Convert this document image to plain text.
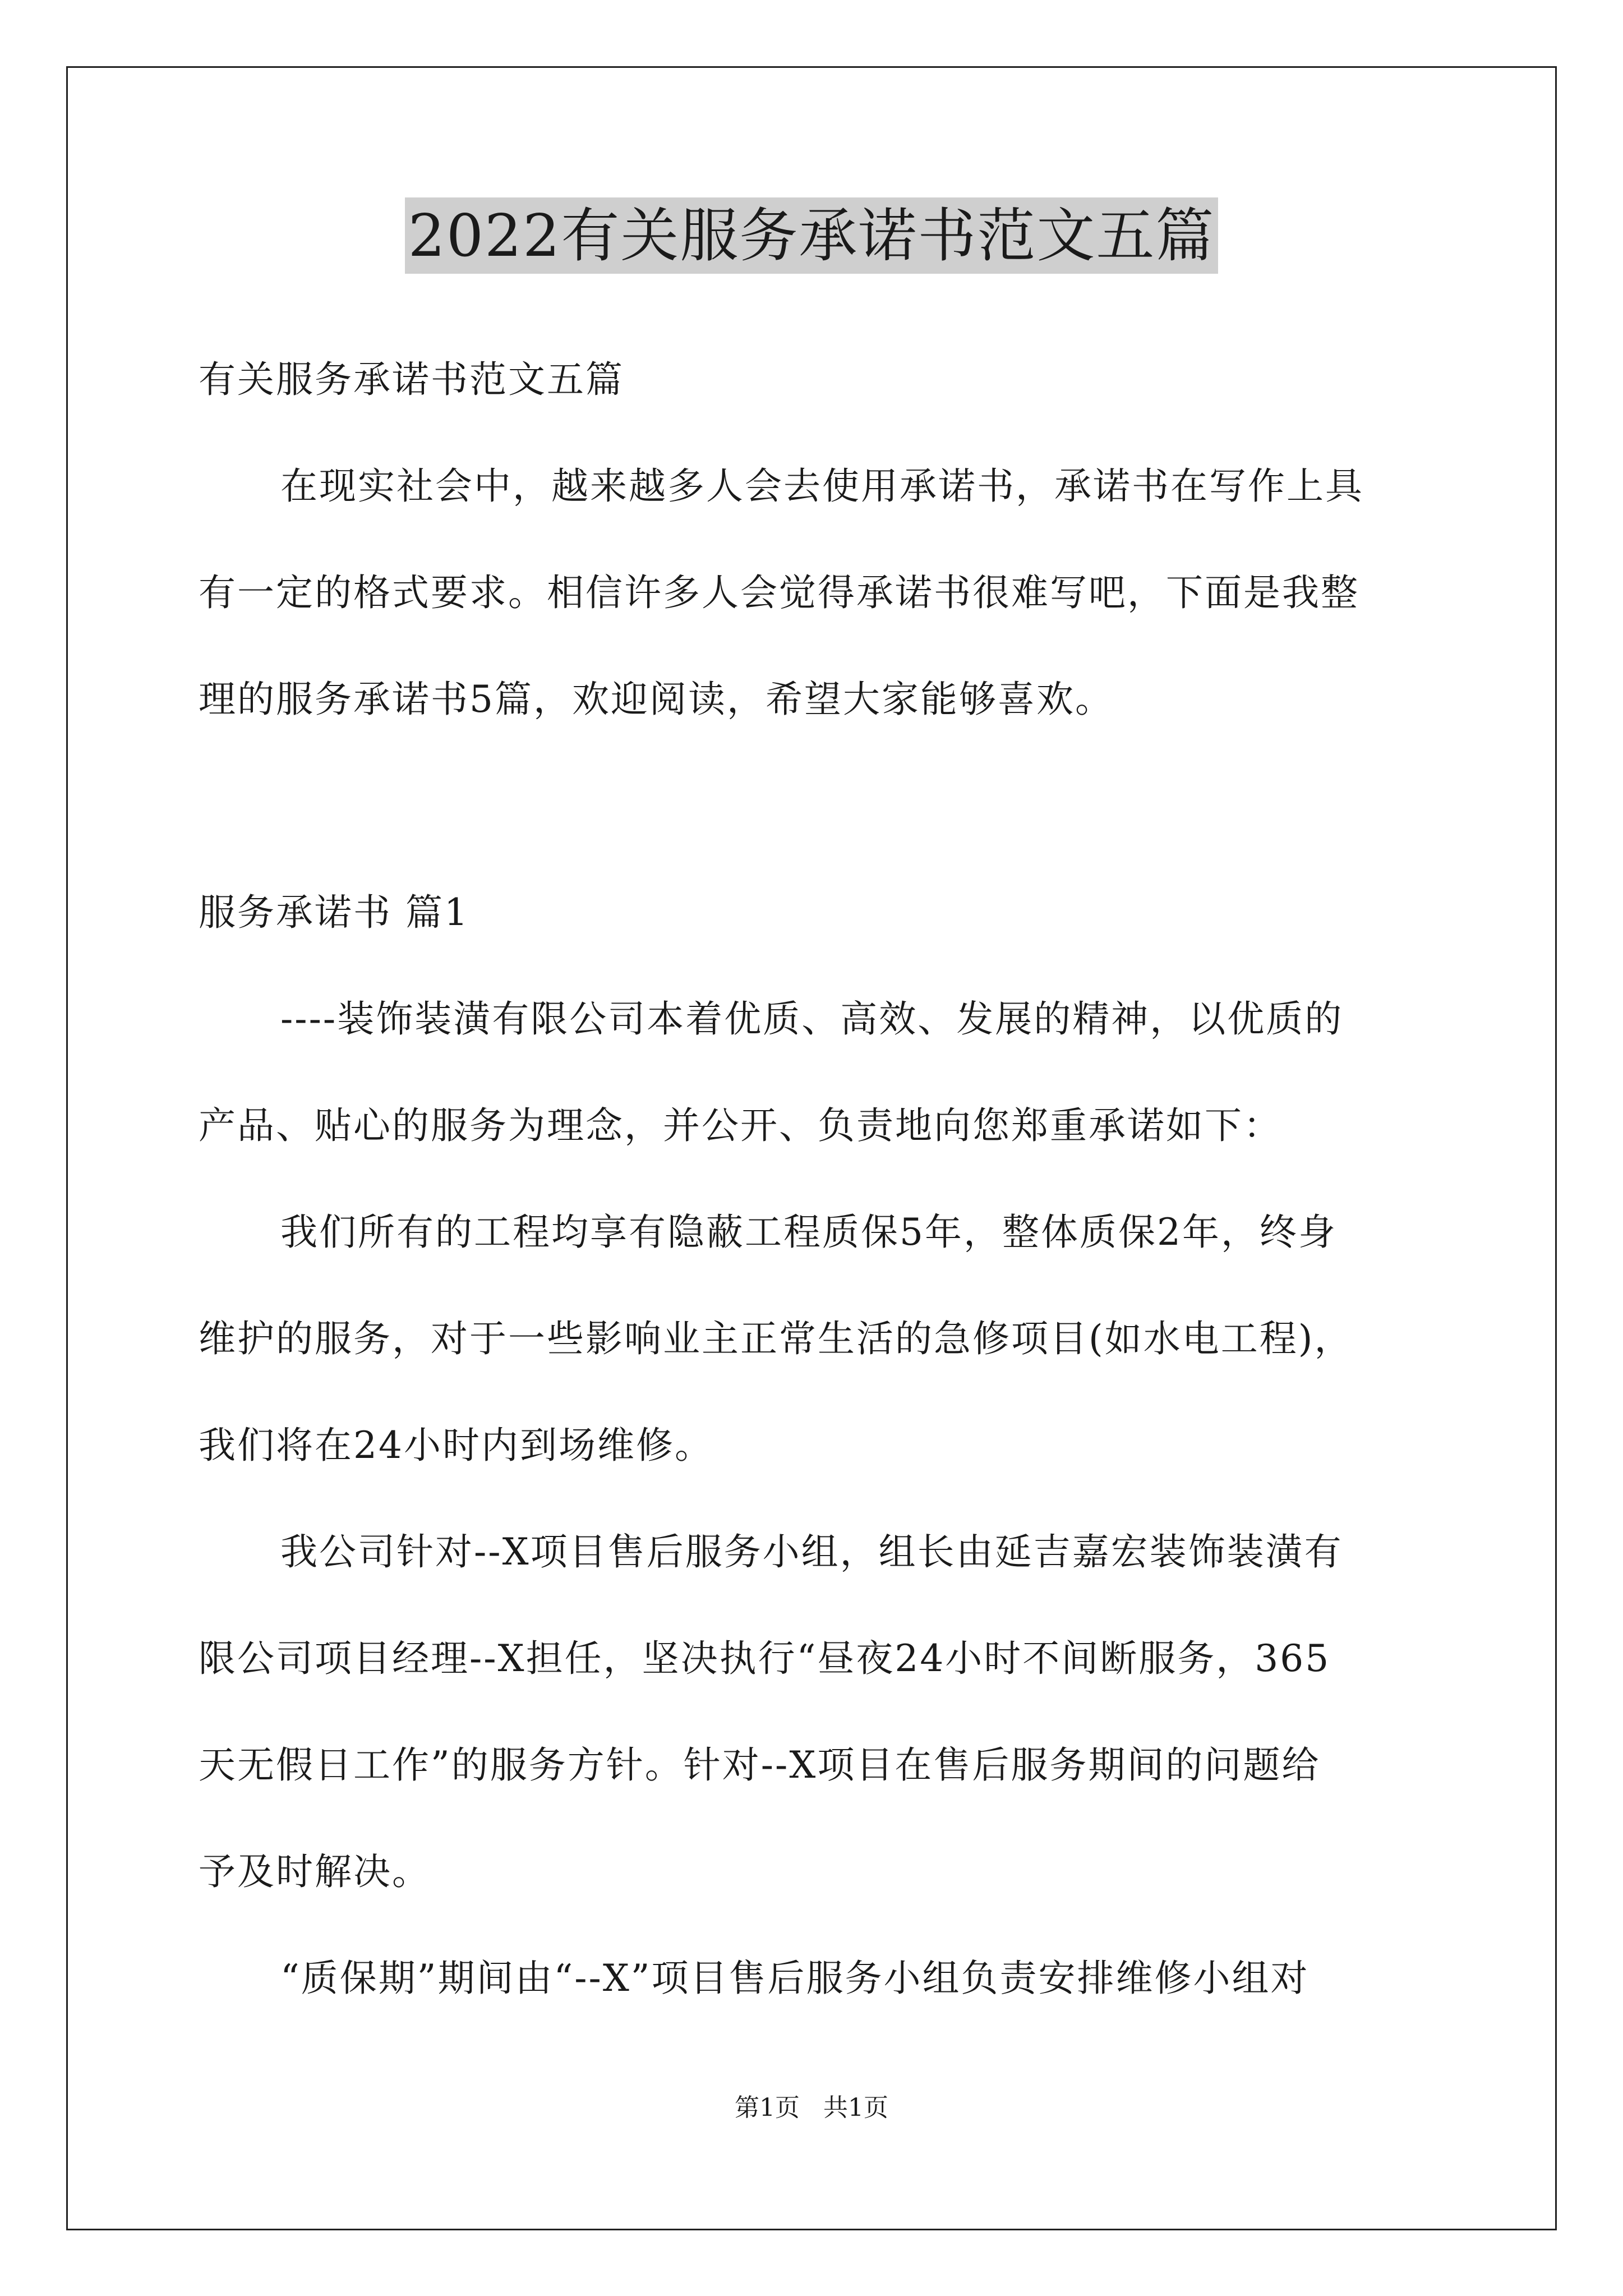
2022有关服务承诺书范文五篇
有关服务承诺书范文五篇
在现实社会中，越来越多人会去使用承诺书，承诺书在写作上具
有一定的格式要求。相信许多人会觉得承诺书很难写吧，下面是我整
理的服务承诺书5篇，欢迎阅读，希望大家能够喜欢。
服务承诺书 篇1
----装饰装潢有限公司本着优质、高效、发展的精神，以优质的
产品、贴心的服务为理念，并公开、负责地向您郑重承诺如下：
我们所有的工程均享有隐蔽工程质保5年，整体质保2年，终身
维护的服务，对于一些影响业主正常生活的急修项目(如水电工程)，
我们将在24小时内到场维修。
我公司针对--X项目售后服务小组，组长由延吉嘉宏装饰装潢有
限公司项目经理--X担任，坚决执行“昼夜24小时不间断服务，365
天无假日工作”的服务方针。针对--X项目在售后服务期间的问题给
予及时解决。
“质保期”期间由“--X”项目售后服务小组负责安排维修小组对
第1页 共1页
